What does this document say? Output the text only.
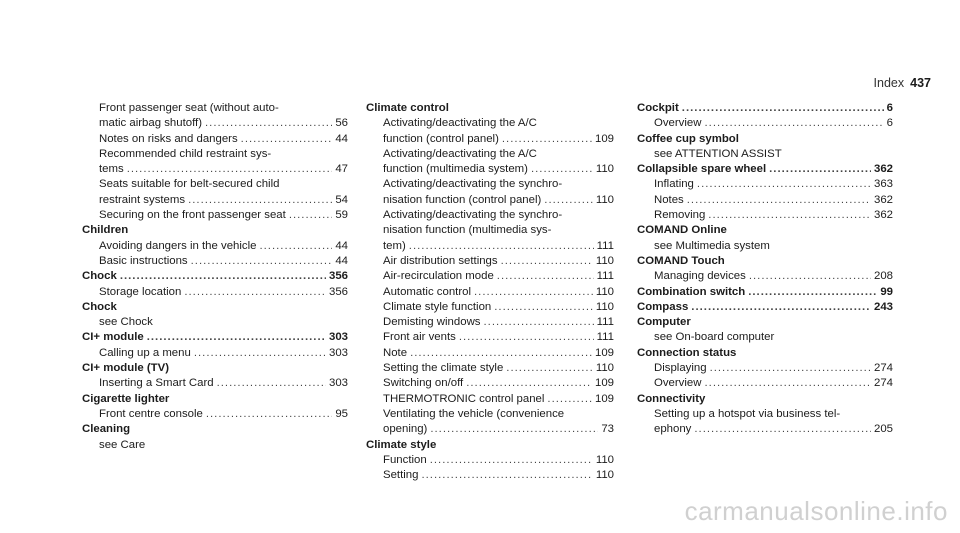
Index 437
Front passenger seat (without auto-
matic airbag shutoff) .....	56
Notes on risks and dangers .....	44
Recommended child restraint sys-
tems .....	47
Seats suitable for belt-secured child
restraint systems .....	54
Securing on the front passenger seat .....	59
Children
Avoiding dangers in the vehicle .....	44
Basic instructions .....	44
Chock .....	356
Storage location .....	356
Chock
see Chock
CI+ module .....	303
Calling up a menu .....	303
CI+ module (TV)
Inserting a Smart Card .....	303
Cigarette lighter
Front centre console .....	95
Cleaning
see Care
Climate control
Activating/deactivating the A/C
function (control panel) .....	109
Activating/deactivating the A/C
function (multimedia system) .....	110
Activating/deactivating the synchro-
nisation function (control panel) .....	110
Activating/deactivating the synchro-
nisation function (multimedia sys-
tem) .....	111
Air distribution settings .....	110
Air-recirculation mode .....	111
Automatic control .....	110
Climate style function .....	110
Demisting windows .....	111
Front air vents .....	111
Note .....	109
Setting the climate style .....	110
Switching on/off .....	109
THERMOTRONIC control panel .....	109
Ventilating the vehicle (convenience
opening) .....	73
Climate style
Function .....	110
Setting .....	110
Cockpit .....	6
Overview .....	6
Coffee cup symbol
see ATTENTION ASSIST
Collapsible spare wheel .....	362
Inflating .....	363
Notes .....	362
Removing .....	362
COMAND Online
see Multimedia system
COMAND Touch
Managing devices .....	208
Combination switch .....	99
Compass .....	243
Computer
see On-board computer
Connection status
Displaying .....	274
Overview .....	274
Connectivity
Setting up a hotspot via business tel-
ephony .....	205
carmanualsonline.info
